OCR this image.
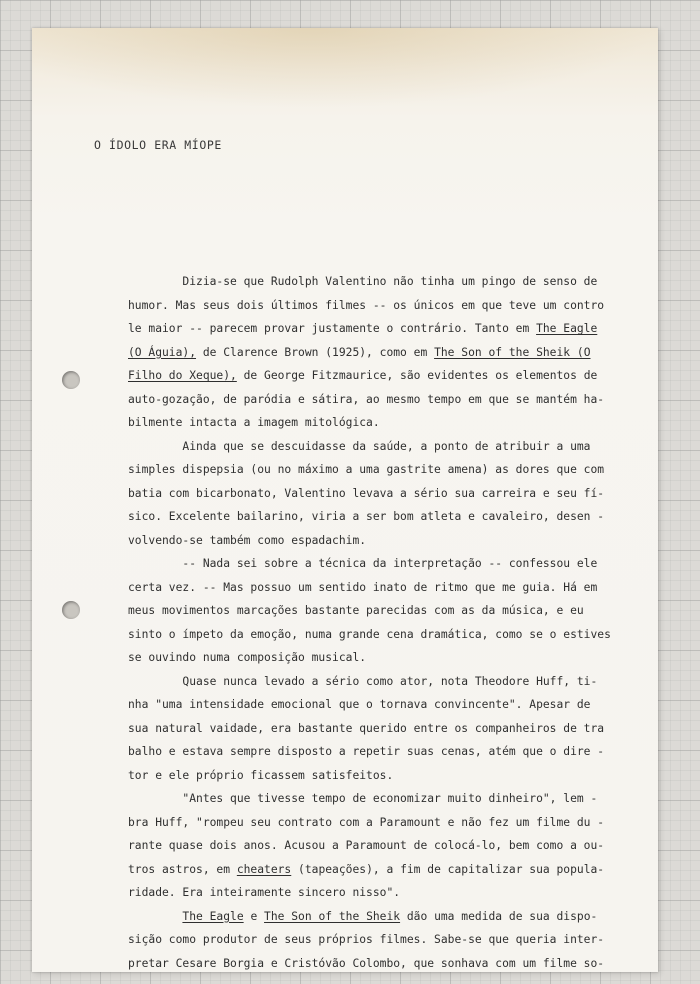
O ÍDOLO ERA MÍOPE
Dizia-se que Rudolph Valentino não tinha um pingo de senso de
humor. Mas seus dois últimos filmes -- os únicos em que teve um contro
le maior -- parecem provar justamente o contrário. Tanto em The Eagle
(O Águia), de Clarence Brown (1925), como em The Son of the Sheik (O
Filho do Xeque), de George Fitzmaurice, são evidentes os elementos de
auto-gozação, de paródia e sátira, ao mesmo tempo em que se mantém ha-
bilmente intacta a imagem mitológica.
Ainda que se descuidasse da saúde, a ponto de atribuir a uma
simples dispepsia (ou no máximo a uma gastrite amena) as dores que com
batia com bicarbonato, Valentino levava a sério sua carreira e seu fí-
sico. Excelente bailarino, viria a ser bom atleta e cavaleiro, desen -
volvendo-se também como espadachim.
-- Nada sei sobre a técnica da interpretação -- confessou ele
certa vez. -- Mas possuo um sentido inato de ritmo que me guia. Há em
meus movimentos marcações bastante parecidas com as da música, e eu
sinto o ímpeto da emoção, numa grande cena dramática, como se o estives
se ouvindo numa composição musical.
Quase nunca levado a sério como ator, nota Theodore Huff, ti-
nha "uma intensidade emocional que o tornava convincente". Apesar de
sua natural vaidade, era bastante querido entre os companheiros de tra
balho e estava sempre disposto a repetir suas cenas, atém que o dire -
tor e ele próprio ficassem satisfeitos.
"Antes que tivesse tempo de economizar muito dinheiro", lem -
bra Huff, "rompeu seu contrato com a Paramount e não fez um filme du -
rante quase dois anos. Acusou a Paramount de colocá-lo, bem como a ou-
tros astros, em cheaters (tapeações), a fim de capitalizar sua popula-
ridade. Era inteiramente sincero nisso".
The Eagle e The Son of the Sheik dão uma medida de sua dispo-
sição como produtor de seus próprios filmes. Sabe-se que queria inter-
pretar Cesare Borgia e Cristóvão Colombo, que sonhava com um filme so-
